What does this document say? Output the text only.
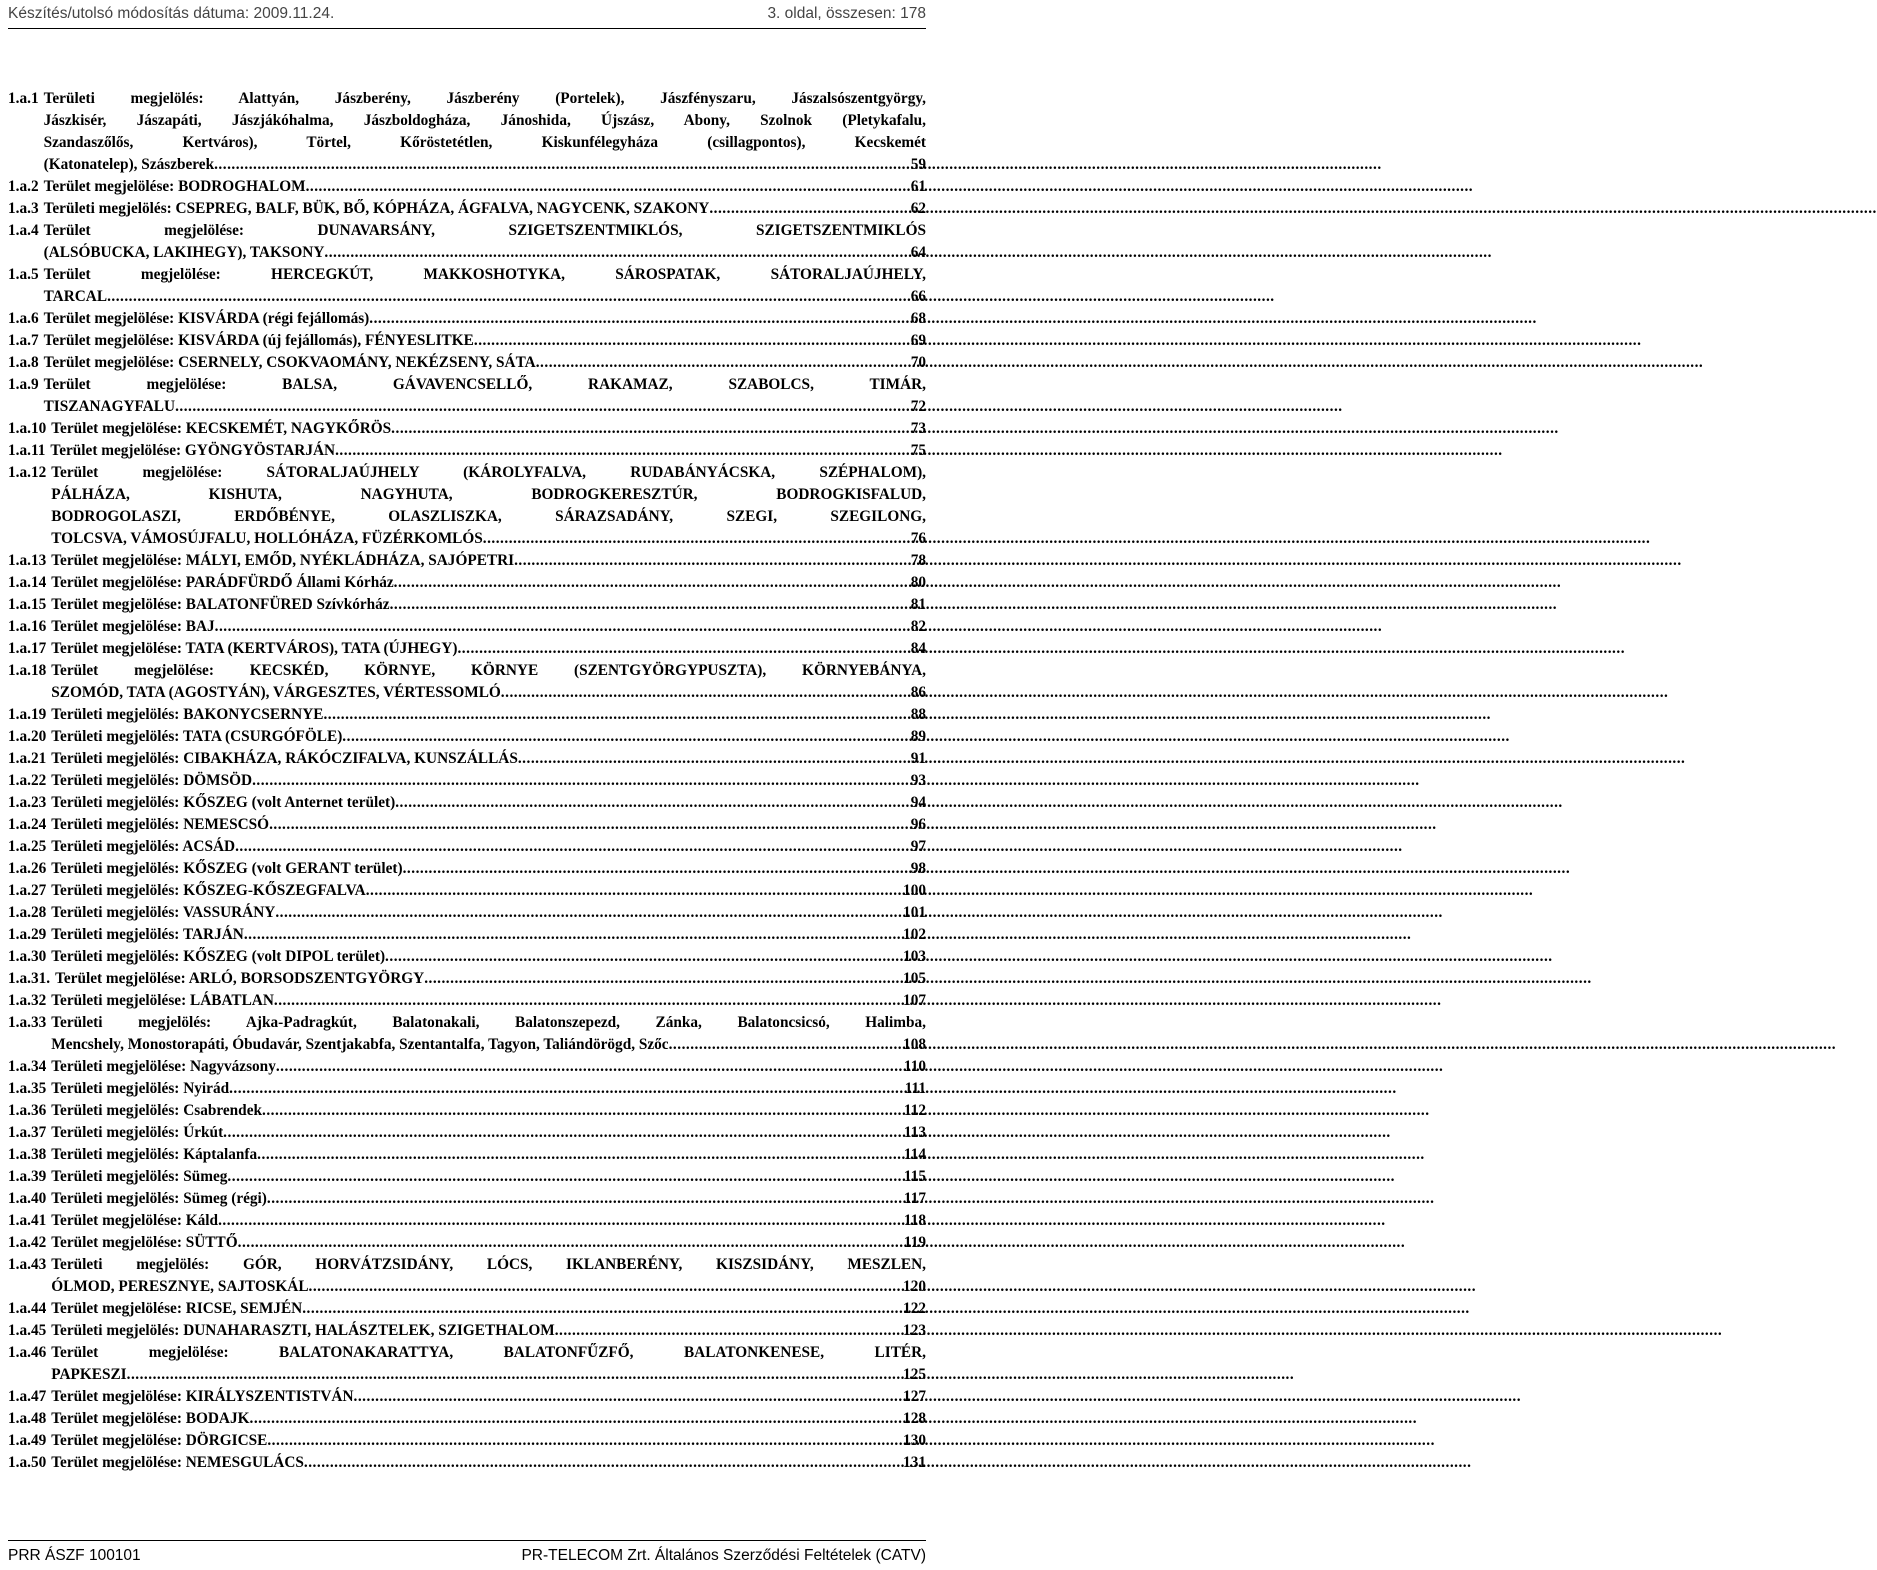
Készítés/utolsó módosítás dátuma: 2009.11.24.	3. oldal, összesen: 178
1.a.1 Területi megjelölés: Alattyán, Jászberény, Jászberény (Portelek), Jászfényszaru, Jászalsószentgyörgy,
Jászkisér, Jászapáti, Jászjákóhalma, Jászboldogháza, Jánoshida, Újszász, Abony, Szolnok (Pletykafalu,
Szandaszőlős, Kertváros), Törtel, Kőröstetétlen, Kiskunfélegyháza (csillagpontos), Kecskemét
(Katonatelep), Szászberek .....	59
1.a.2 Terület megjelölése: BODROGHALOM .....	61
1.a.3 Területi megjelölés: CSEPREG, BALF, BÜK, BŐ, KÓPHÁZA, ÁGFALVA, NAGYCENK, SZAKONY .....	62
1.a.4 Terület megjelölése: DUNAVARSÁNY, SZIGETSZENTMIKLÓS, SZIGETSZENTMIKLÓS
(ALSÓBUCKA, LAKIHEGY), TAKSONY .....	64
1.a.5 Terület megjelölése: HERCEGKÚT, MAKKOSHOTYKA, SÁROSPATAK, SÁTORALJAÚJHELY,
TARCAL .....	66
1.a.6 Terület megjelölése: KISVÁRDA (régi fejállomás) .....	68
1.a.7 Terület megjelölése: KISVÁRDA (új fejállomás), FÉNYESLITKE .....	69
1.a.8 Terület megjelölése: CSERNELY, CSOKVAOMÁNY, NEKÉZSENY, SÁTA .....	70
1.a.9 Terület megjelölése: BALSA, GÁVAVENCSELLŐ, RAKAMAZ, SZABOLCS, TIMÁR,
TISZANAGYFALU .....	72
1.a.10 Terület megjelölése: KECSKEMÉT, NAGYKŐRÖS .....	73
1.a.11 Terület megjelölése: GYÖNGYÖSTARJÁN .....	75
1.a.12 Terület megjelölése: SÁTORALJAÚJHELY (KÁROLYFALVA, RUDABÁNYÁCSKA, SZÉPHALOM),
PÁLHÁZA, KISHUTA, NAGYHUTA, BODROGKERESZTÚR, BODROGKISFALUD,
BODROGOLASZI, ERDŐBÉNYE, OLASZLISZKA, SÁRAZSADÁNY, SZEGI, SZEGILONG,
TOLCSVA, VÁMOSÚJFALU, HOLLÓHÁZA, FÜZÉRKOMLÓS .....	76
1.a.13 Terület megjelölése: MÁLYI, EMŐD, NYÉKLÁDHÁZA, SAJÓPETRI .....	78
1.a.14 Terület megjelölése: PARÁDFÜRDŐ Állami Kórház .....	80
1.a.15 Terület megjelölése: BALATONFÜRED Szívkórház .....	81
1.a.16 Terület megjelölése: BAJ .....	82
1.a.17 Terület megjelölése: TATA (KERTVÁROS), TATA (ÚJHEGY) .....	84
1.a.18 Terület megjelölése: KECSKÉD, KÖRNYE, KÖRNYE (SZENTGYÖRGYPUSZTA), KÖRNYEBÁNYA,
SZOMÓD, TATA (AGOSTYÁN), VÁRGESZTES, VÉRTESSOMLÓ .....	86
1.a.19 Területi megjelölés: BAKONYCSERNYE .....	88
1.a.20 Területi megjelölés: TATA (CSURGÓFÖLE) .....	89
1.a.21 Területi megjelölés: CIBAKHÁZA, RÁKÓCZIFALVA, KUNSZÁLLÁS .....	91
1.a.22 Területi megjelölés: DÖMSÖD .....	93
1.a.23 Területi megjelölés: KŐSZEG (volt Anternet terület) .....	94
1.a.24 Területi megjelölés: NEMESCSÓ .....	96
1.a.25 Területi megjelölés: ACSÁD .....	97
1.a.26 Területi megjelölés: KŐSZEG (volt GERANT terület) .....	98
1.a.27 Területi megjelölés: KŐSZEG-KŐSZEGFALVA .....	100
1.a.28 Területi megjelölés: VASSURÁNY .....	101
1.a.29 Területi megjelölés: TARJÁN .....	102
1.a.30 Területi megjelölés: KŐSZEG (volt DIPOL terület) .....	103
1.a.31. Terület megjelölése: ARLÓ, BORSODSZENTGYÖRGY .....	105
1.a.32 Területi megjelölése: LÁBATLAN .....	107
1.a.33 Területi megjelölés: Ajka-Padragkút, Balatonakali, Balatonszepezd, Zánka, Balatoncsicsó, Halimba,
Mencshely, Monostorapáti, Óbudavár, Szentjakabfa, Szentantalfa, Tagyon, Taliándörögd, Szőc .....	108
1.a.34 Területi megjelölése: Nagyvázsony .....	110
1.a.35 Területi megjelölés: Nyirád .....	111
1.a.36 Területi megjelölés: Csabrendek .....	112
1.a.37 Területi megjelölés: Úrkút .....	113
1.a.38 Területi megjelölés: Káptalanfa .....	114
1.a.39 Területi megjelölés: Sümeg .....	115
1.a.40 Területi megjelölés: Sümeg (régi) .....	117
1.a.41 Terület megjelölése: Káld .....	118
1.a.42 Terület megjelölése: SÜTTŐ .....	119
1.a.43 Területi megjelölés: GÓR, HORVÁTZSIDÁNY, LÓCS, IKLANBERÉNY, KISZSIDÁNY, MESZLEN,
ÓLMOD, PERESZNYE, SAJTOSKÁL .....	120
1.a.44 Terület megjelölése: RICSE, SEMJÉN .....	122
1.a.45 Területi megjelölés: DUNAHARASZTI, HALÁSZTELEK, SZIGETHALOM .....	123
1.a.46 Terület megjelölése: BALATONAKARATTYA, BALATONFŰZFŐ, BALATONKENESE, LITÉR,
PAPKESZI .....	125
1.a.47 Terület megjelölése: KIRÁLYSZENTISTVÁN .....	127
1.a.48 Terület megjelölése: BODAJK .....	128
1.a.49 Terület megjelölése: DÖRGICSE .....	130
1.a.50 Terület megjelölése: NEMESGULÁCS .....	131
PRR ÁSZF 100101	PR-TELECOM Zrt. Általános Szerződési Feltételek (CATV)
